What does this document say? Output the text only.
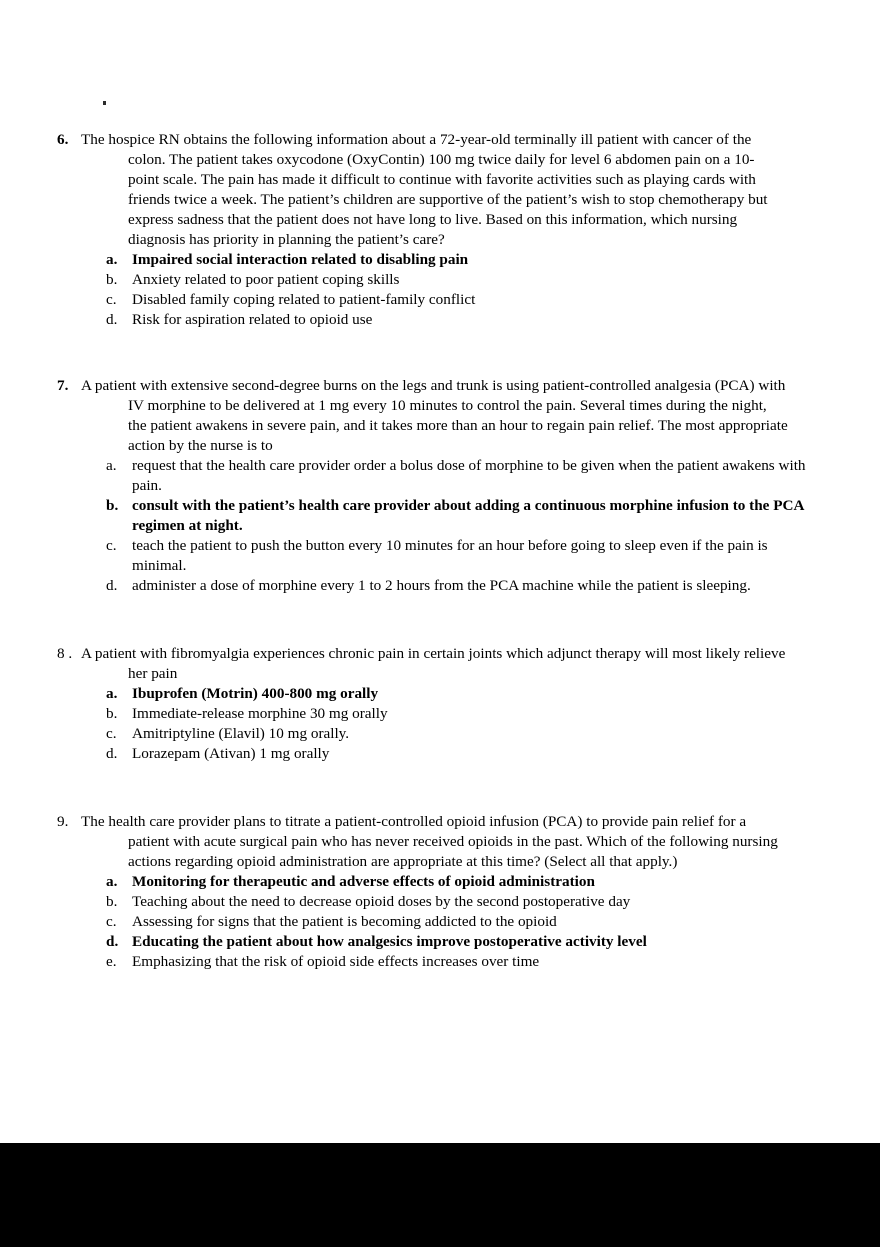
6. The hospice RN obtains the following information about a 72-year-old terminally ill patient with cancer of the colon. The patient takes oxycodone (OxyContin) 100 mg twice daily for level 6 abdomen pain on a 10-point scale. The pain has made it difficult to continue with favorite activities such as playing cards with friends twice a week. The patient’s children are supportive of the patient’s wish to stop chemotherapy but express sadness that the patient does not have long to live. Based on this information, which nursing diagnosis has priority in planning the patient’s care?
a. Impaired social interaction related to disabling pain
b. Anxiety related to poor patient coping skills
c.	Disabled family coping related to patient-family conflict
d. Risk for aspiration related to opioid use
7. A patient with extensive second-degree burns on the legs and trunk is using patient-controlled analgesia (PCA) with IV morphine to be delivered at 1 mg every 10 minutes to control the pain. Several times during the night, the patient awakens in severe pain, and it takes more than an hour to regain pain relief. The most appropriate action by the nurse is to
a.	request that the health care provider order a bolus dose of morphine to be given when the patient awakens with pain.
b. consult with the patient’s health care provider about adding a continuous morphine infusion to the PCA regimen at night.
c.	teach the patient to push the button every 10 minutes for an hour before going to sleep even if the pain is minimal.
d. administer a dose of morphine every 1 to 2 hours from the PCA machine while the patient is sleeping.
8 . A patient with fibromyalgia experiences chronic pain in certain joints which adjunct therapy will most likely relieve her pain
a. Ibuprofen (Motrin) 400-800 mg orally
b. Immediate-release morphine 30 mg orally
c.	Amitriptyline (Elavil) 10 mg orally.
d. Lorazepam (Ativan) 1 mg orally
9. The health care provider plans to titrate a patient-controlled opioid infusion (PCA) to provide pain relief for a patient with acute surgical pain who has never received opioids in the past. Which of the following nursing actions regarding opioid administration are appropriate at this time? (Select all that apply.)
a. Monitoring for therapeutic and adverse effects of opioid administration
b. Teaching about the need to decrease opioid doses by the second postoperative day
c.	Assessing for signs that the patient is becoming addicted to the opioid
d. Educating the patient about how analgesics improve postoperative activity level
e.	Emphasizing that the risk of opioid side effects increases over time
